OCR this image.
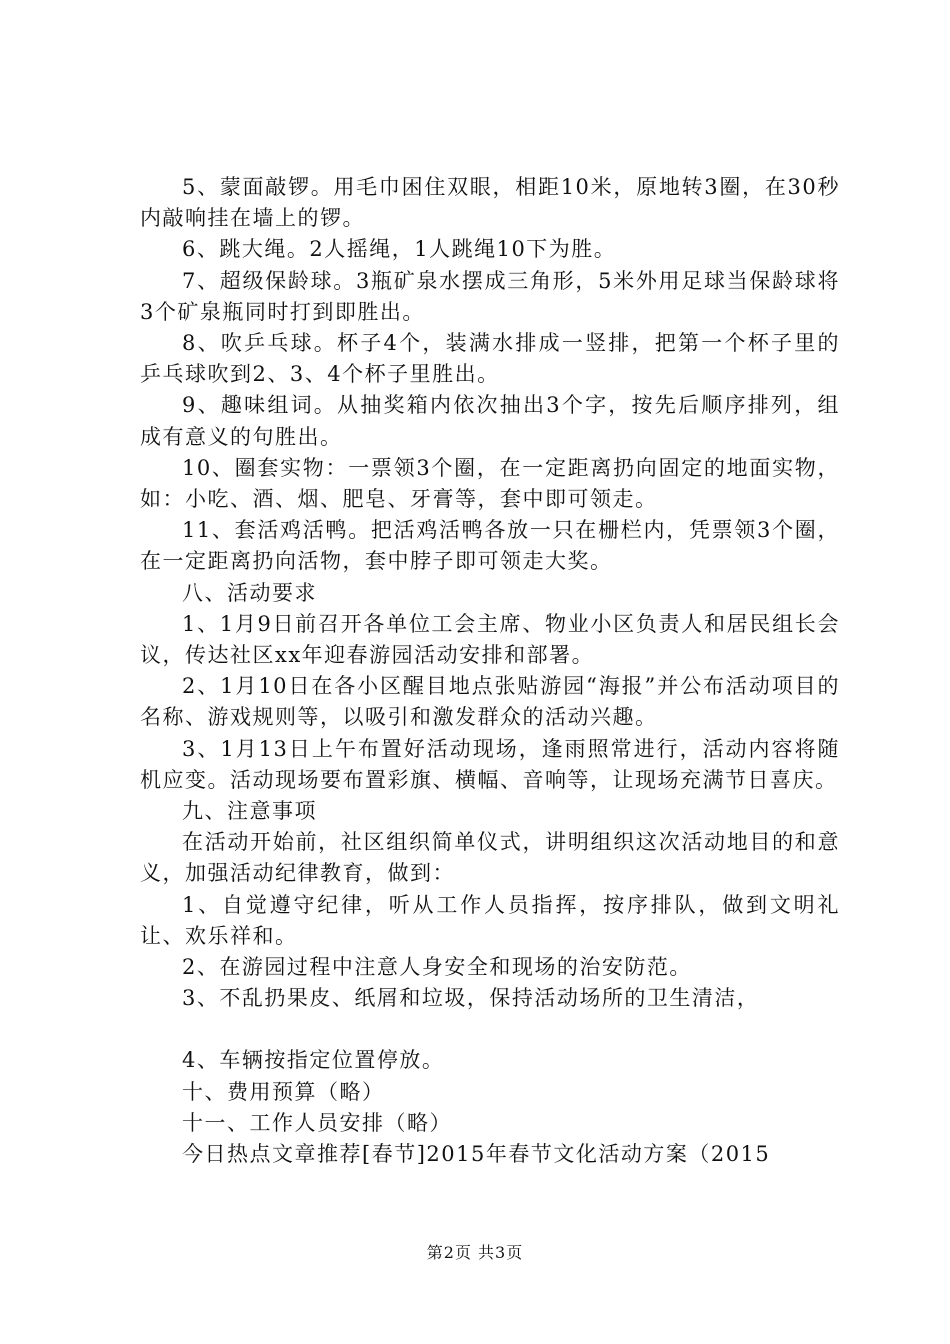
5、蒙面敲锣。用毛巾困住双眼，相距10米，原地转3圈，在30秒内敲响挂在墙上的锣。

6、跳大绳。2人摇绳，1人跳绳10下为胜。

7、超级保龄球。3瓶矿泉水摆成三角形，5米外用足球当保龄球将3个矿泉瓶同时打到即胜出。

8、吹乒乓球。杯子4个，装满水排成一竖排，把第一个杯子里的乒乓球吹到2、3、4个杯子里胜出。

9、趣味组词。从抽奖箱内依次抽出3个字，按先后顺序排列，组成有意义的句胜出。

10、圈套实物：一票领3个圈，在一定距离扔向固定的地面实物，如：小吃、酒、烟、肥皂、牙膏等，套中即可领走。

11、套活鸡活鸭。把活鸡活鸭各放一只在栅栏内，凭票领3个圈，在一定距离扔向活物，套中脖子即可领走大奖。

八、活动要求

1、1月9日前召开各单位工会主席、物业小区负责人和居民组长会议，传达社区xx年迎春游园活动安排和部署。

2、1月10日在各小区醒目地点张贴游园“海报”并公布活动项目的名称、游戏规则等，以吸引和激发群众的活动兴趣。

3、1月13日上午布置好活动现场，逢雨照常进行，活动内容将随机应变。活动现场要布置彩旗、横幅、音响等，让现场充满节日喜庆。

九、注意事项

在活动开始前，社区组织简单仪式，讲明组织这次活动地目的和意义，加强活动纪律教育，做到：

1、自觉遵守纪律，听从工作人员指挥，按序排队，做到文明礼让、欢乐祥和。

2、在游园过程中注意人身安全和现场的治安防范。

3、不乱扔果皮、纸屑和垃圾，保持活动场所的卫生清洁，

4、车辆按指定位置停放。

十、费用预算（略）

十一、工作人员安排（略）

今日热点文章推荐[春节]2015年春节文化活动方案（2015

第2页 共3页
